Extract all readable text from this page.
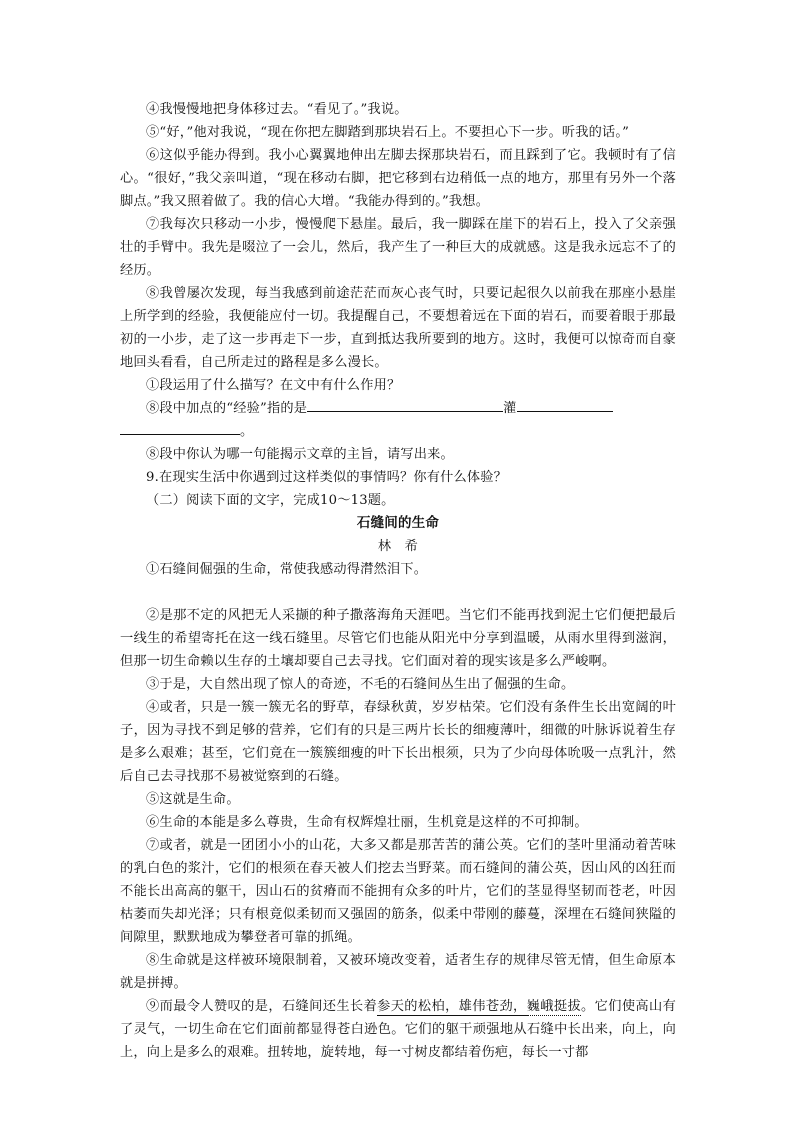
④我慢慢地把身体移过去。“看见了。”我说。

⑤“好，”他对我说，“现在你把左脚踏到那块岩石上。不要担心下一步。听我的话。”

⑥这似乎能办得到。我小心翼翼地伸出左脚去探那块岩石，而且踩到了它。我顿时有了信心。“很好，”我父亲叫道，“现在移动右脚，把它移到右边稍低一点的地方，那里有另外一个落脚点。”我又照着做了。我的信心大增。“我能办得到的。”我想。

⑦我每次只移动一小步，慢慢爬下悬崖。最后，我一脚踩在崖下的岩石上，投入了父亲强壮的手臂中。我先是啜泣了一会儿，然后，我产生了一种巨大的成就感。这是我永远忘不了的经历。

⑧我曾屡次发现，每当我感到前途茫茫而灰心丧气时，只要记起很久以前我在那座小悬崖上所学到的经验，我便能应付一切。我提醒自己，不要想着远在下面的岩石，而要着眼于那最初的一小步，走了这一步再走下一步，直到抵达我所要到的地方。这时，我便可以惊奇而自豪地回头看看，自己所走过的路程是多么漫长。

①段运用了什么描写？在文中有什么作用？

⑧段中加点的“经验”指的是	灌

。

⑧段中你认为哪一句能揭示文章的主旨，请写出来。

9.在现实生活中你遇到过这样类似的事情吗？你有什么体验？

（二）阅读下面的文字，完成10～13题。

石缝间的生命

林　希

①石缝间倔强的生命，常使我感动得潸然泪下。

②是那不定的风把无人采撷的种子撒落海角天涯吧。当它们不能再找到泥土它们便把最后一线生的希望寄托在这一线石缝里。尽管它们也能从阳光中分享到温暖，从雨水里得到滋润，但那一切生命赖以生存的土壤却要自己去寻找。它们面对着的现实该是多么严峻啊。

③于是，大自然出现了惊人的奇迹，不毛的石缝间丛生出了倔强的生命。

④或者，只是一簇一簇无名的野草，春绿秋黄，岁岁枯荣。它们没有条件生长出宽阔的叶子，因为寻找不到足够的营养，它们有的只是三两片长长的细瘦薄叶，细微的叶脉诉说着生存是多么艰难；甚至，它们竟在一簇簇细瘦的叶下长出根须，只为了少向母体吮吸一点乳汁，然后自己去寻找那不易被觉察到的石缝。

⑤这就是生命。

⑥生命的本能是多么尊贵，生命有权辉煌壮丽，生机竟是这样的不可抑制。

⑦或者，就是一团团小小的山花，大多又都是那苦苦的蒲公英。它们的茎叶里涌动着苦味的乳白色的浆汁，它们的根须在春天被人们挖去当野菜。而石缝间的蒲公英，因山风的凶狂而不能长出高高的躯干，因山石的贫瘠而不能拥有众多的叶片，它们的茎显得坚韧而苍老，叶因枯萎而失却光泽；只有根竟似柔韧而又强固的筋条，似柔中带刚的藤蔓，深埋在石缝间狭隘的间隙里，默默地成为攀登者可靠的抓绳。

⑧生命就是这样被环境限制着，又被环境改变着，适者生存的规律尽管无情，但生命原本就是拼搏。

⑨而最令人赞叹的是，石缝间还生长着参天的松柏，雄伟苍劲，巍峨挺拔。它们使高山有了灵气，一切生命在它们面前都显得苍白逊色。它们的躯干顽强地从石缝中长出来，向上，向上，向上是多么的艰难。扭转地，旋转地，每一寸树皮都结着伤疤，每长一寸都
